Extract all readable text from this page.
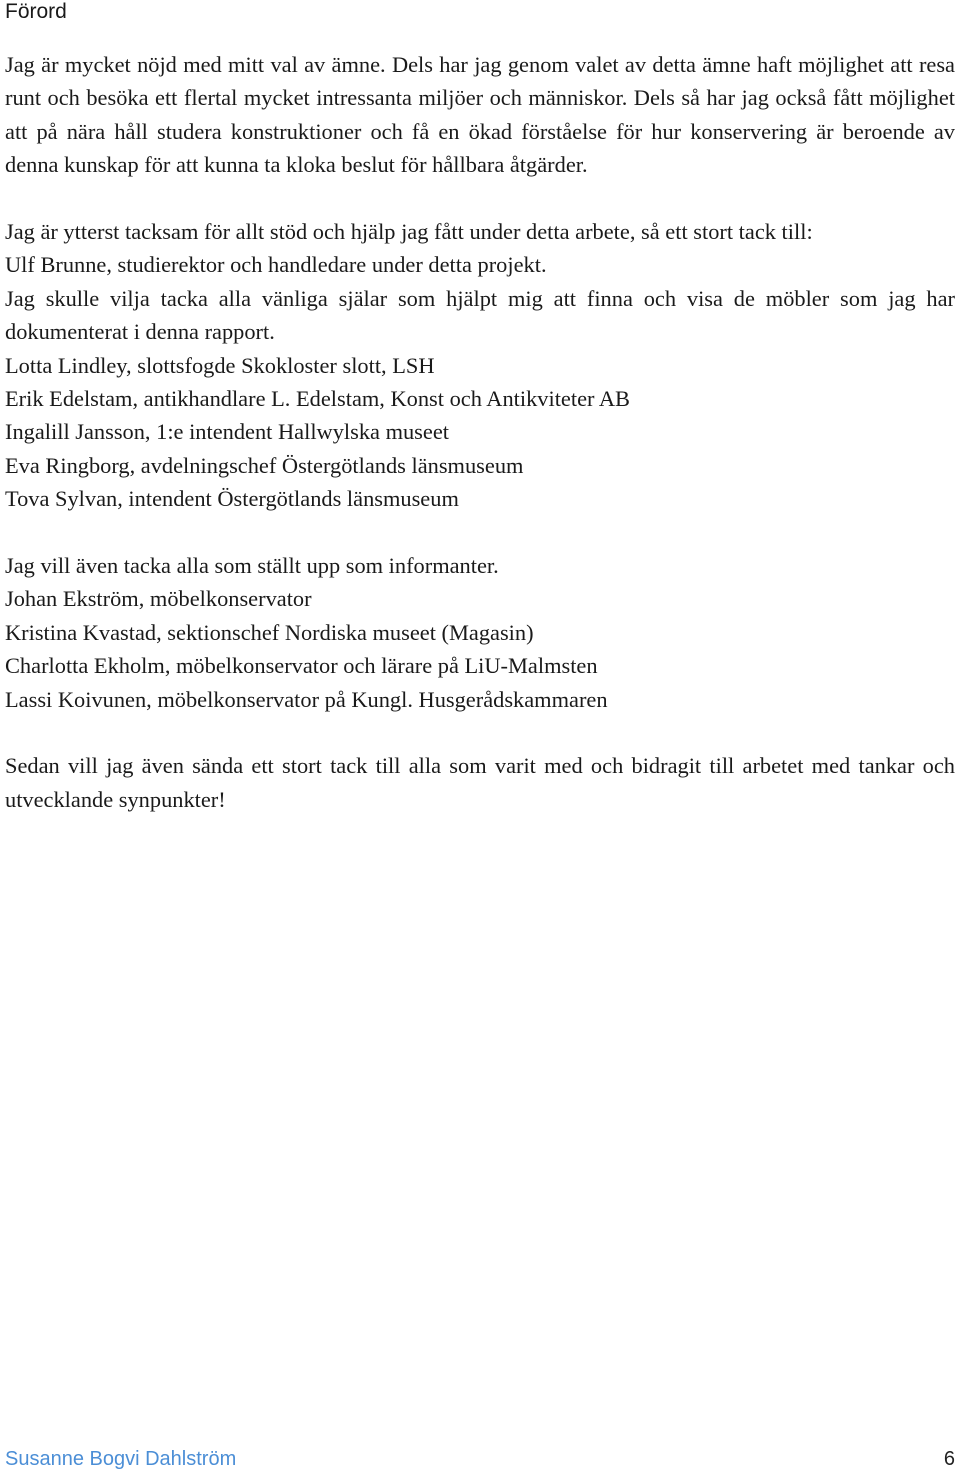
Förord

Jag är mycket nöjd med mitt val av ämne. Dels har jag genom valet av detta ämne haft möjlighet att resa runt och besöka ett flertal mycket intressanta miljöer och människor. Dels så har jag också fått möjlighet att på nära håll studera konstruktioner och få en ökad förståelse för hur konservering är beroende av denna kunskap för att kunna ta kloka beslut för hållbara åtgärder.

Jag är ytterst tacksam för allt stöd och hjälp jag fått under detta arbete, så ett stort tack till:

Ulf Brunne, studierektor och handledare under detta projekt.

Jag skulle vilja tacka alla vänliga själar som hjälpt mig att finna och visa de möbler som jag har dokumenterat i denna rapport.

Lotta Lindley, slottsfogde Skokloster slott, LSH

Erik Edelstam, antikhandlare L. Edelstam, Konst och Antikviteter AB

Ingalill Jansson, 1:e intendent Hallwylska museet

Eva Ringborg, avdelningschef Östergötlands länsmuseum

Tova Sylvan, intendent Östergötlands länsmuseum

Jag vill även tacka alla som ställt upp som informanter.

Johan Ekström, möbelkonservator

Kristina Kvastad, sektionschef Nordiska museet (Magasin)

Charlotta Ekholm, möbelkonservator och lärare på LiU-Malmsten

Lassi Koivunen, möbelkonservator på Kungl. Husgerådskammaren

Sedan vill jag även sända ett stort tack till alla som varit med och bidragit till arbetet med tankar och utvecklande synpunkter!

Susanne Bogvi Dahlström	6
